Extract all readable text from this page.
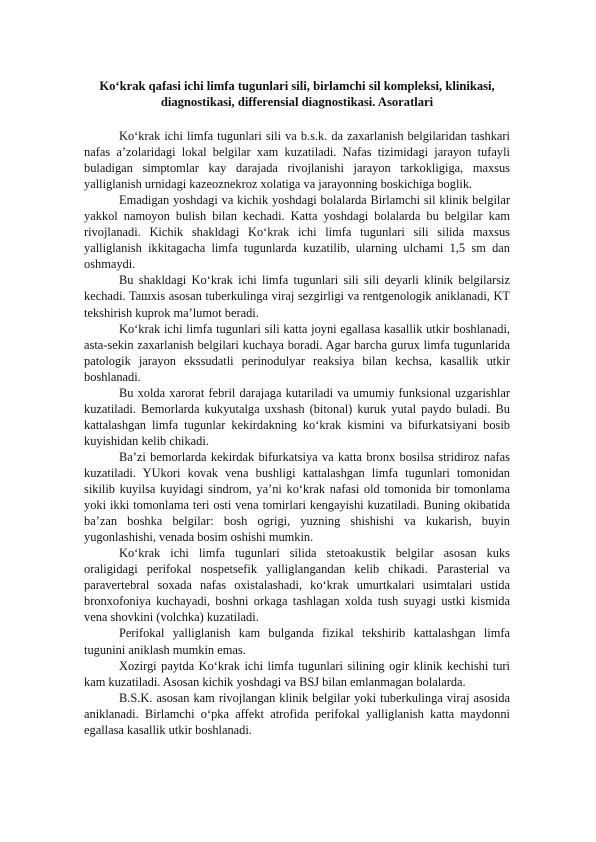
Ko‘krak qafasi ichi limfa tugunlari sili, birlamchi sil kompleksi, klinikasi, diagnostikasi, differensial diagnostikasi. Asoratlari

Ko‘krak ichi limfa tugunlari sili va b.s.k. da zaxarlanish belgilaridan tashkari nafas a’zolaridagi lokal belgilar xam kuzatiladi. Nafas tizimidagi jarayon tufayli buladigan simptomlar kay darajada rivojlanishi jarayon tarkokligiga, maxsus yalliglanish urnidagi kazeoznekroz xolatiga va jarayonning boskichiga boglik.

Emadigan yoshdagi va kichik yoshdagi bolalarda Birlamchi sil klinik belgilar yakkol namoyon bulish bilan kechadi. Katta yoshdagi bolalarda bu belgilar kam rivojlanadi. Kichik shakldagi Ko‘krak ichi limfa tugunlari sili silida maxsus yalliglanish ikkitagacha limfa tugunlarda kuzatilib, ularning ulchami 1,5 sm dan oshmaydi.

Bu shakldagi Ko‘krak ichi limfa tugunlari sili sili deyarli klinik belgilarsiz kechadi. Taшxis asosan tuberkulinga viraj sezgirligi va rentgenologik aniklanadi, KT tekshirish kuprok ma’lumot beradi.

Ko‘krak ichi limfa tugunlari sili katta joyni egallasa kasallik utkir boshlanadi, asta-sekin zaxarlanish belgilari kuchaya boradi. Agar barcha gurux limfa tugunlarida patologik jarayon ekssudatli perinodulyar reaksiya bilan kechsa, kasallik utkir boshlanadi.

Bu xolda xarorat febril darajaga kutariladi va umumiy funksional uzgarishlar kuzatiladi. Bemorlarda kukyutalga uxshash (bitonal) kuruk yutal paydo buladi. Bu kattalashgan limfa tugunlar kekirdakning ko‘krak kismini va bifurkatsiyani bosib kuyishidan kelib chikadi.

Ba’zi bemorlarda kekirdak bifurkatsiya va katta bronx bosilsa stridiroz nafas kuzatiladi. YUkori kovak vena bushligi kattalashgan limfa tugunlari tomonidan sikilib kuyilsa kuyidagi sindrom, ya’ni ko‘krak nafasi old tomonida bir tomonlama yoki ikki tomonlama teri osti vena tomirlari kengayishi kuzatiladi. Buning okibatida ba’zan boshka belgilar: bosh ogrigi, yuzning shishishi va kukarish, buyin yugonlashishi, venada bosim oshishi mumkin.

Ko‘krak ichi limfa tugunlari silida stetoakustik belgilar asosan kuks oraligidagi perifokal nospetsefik yalliglangandan kelib chikadi. Parasterial va paravertebral soxada nafas oxistalashadi, ko‘krak umurtkalari usimtalari ustida bronxofoniya kuchayadi, boshni orkaga tashlagan xolda tush suyagi ustki kismida vena shovkini (volchka) kuzatiladi.

Perifokal yalliglanish kam bulganda fizikal tekshirib kattalashgan limfa tugunini aniklash mumkin emas.

Xozirgi paytda Ko‘krak ichi limfa tugunlari silining ogir klinik kechishi turi kam kuzatiladi. Asosan kichik yoshdagi va BSJ bilan emlanmagan bolalarda.

B.S.K. asosan kam rivojlangan klinik belgilar yoki tuberkulinga viraj asosida aniklanadi. Birlamchi o‘pka affekt atrofida perifokal yalliglanish katta maydonni egallasa kasallik utkir boshlanadi.
